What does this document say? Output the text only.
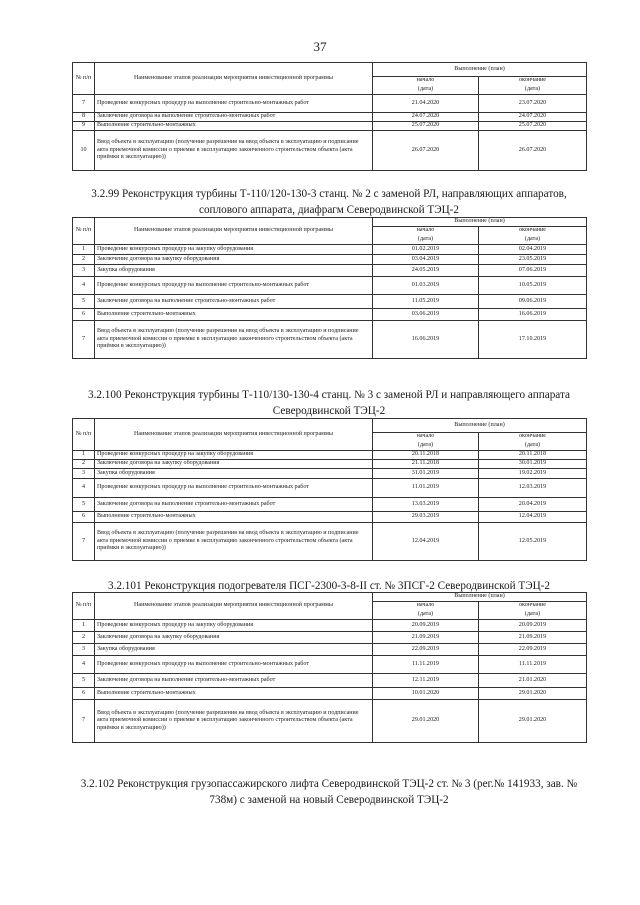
37
№ п/п	Наименование этапов реализации мероприятия инвестиционной программы	Выполнение (план)	
		начало	окончание
		(дата)	(дата)
7	Проведение конкурсных процедур на выполнение строительно-монтажных работ	21.04.2020	23.07.2020
8	Заключение договора на выполнение строительно-монтажных работ	24.07.2020	24.07.2020
9	Выполнение строительно-монтажных	25.07.2020	25.07.2020
10	Ввод объекта в эксплуатацию (получение разрешения на ввод объекта в эксплуатацию и подписание акта приемочной комиссии о приемке в эксплуатацию законченного строительством объекта (акта приёмки в эксплуатацию))	26.07.2020	26.07.2020
3.2.99 Реконструкция турбины Т-110/120-130-3 станц. № 2 с заменой РЛ, направляющих аппаратов, соплового аппарата, диафрагм Северодвинской ТЭЦ-2
№ п/п	Наименование этапов реализации мероприятия инвестиционной программы	Выполнение (план)	
		начало	окончание
		(дата)	(дата)
1	Проведение конкурсных процедур на закупку оборудования	01.02.2019	02.04.2019
2	Заключение договора на закупку оборудования	03.04.2019	23.05.2019
3	Закупка оборудования	24.05.2019	07.06.2019
4	Проведение конкурсных процедур на выполнение строительно-монтажных работ	01.03.2019	10.05.2019
5	Заключение договора на выполнение строительно-монтажных работ	11.05.2019	09.06.2019
6	Выполнение строительно-монтажных	03.06.2019	16.06.2019
7	Ввод объекта в эксплуатацию (получение разрешения на ввод объекта в эксплуатацию и подписание акта приемочной комиссии о приемке в эксплуатацию законченного строительством объекта (акта приёмки в эксплуатацию))	16.06.2019	17.10.2019
3.2.100 Реконструкция турбины Т-110/130-130-4 станц. № 3 с заменой РЛ и направляющего аппарата Северодвинской ТЭЦ-2
№ п/п	Наименование этапов реализации мероприятия инвестиционной программы	Выполнение (план)	
		начало	окончание
		(дата)	(дата)
1	Проведение конкурсных процедур на закупку оборудования	20.11.2018	20.11.2018
2	Заключение договора на закупку оборудования	21.11.2018	30.01.2019
3	Закупка оборудования	31.01.2019	19.02.2019
4	Проведение конкурсных процедур на выполнение строительно-монтажных работ	11.01.2019	12.03.2019
5	Заключение договора на выполнение строительно-монтажных работ	13.03.2019	20.04.2019
6	Выполнение строительно-монтажных	29.03.2019	12.04.2019
7	Ввод объекта в эксплуатацию (получение разрешения на ввод объекта в эксплуатацию и подписание акта приемочной комиссии о приемке в эксплуатацию законченного строительством объекта (акта приёмки в эксплуатацию))	12.04.2019	12.05.2019
3.2.101 Реконструкция подогревателя ПСГ-2300-3-8-II ст. № 3ПСГ-2 Северодвинской ТЭЦ-2
№ п/п	Наименование этапов реализации мероприятия инвестиционной программы	Выполнение (план)	
		начало	окончание
		(дата)	(дата)
1	Проведение конкурсных процедур на закупку оборудования	20.09.2019	20.09.2019
2	Заключение договора на закупку оборудования	21.09.2019	21.09.2019
3	Закупка оборудования	22.09.2019	22.09.2019
4	Проведение конкурсных процедур на выполнение строительно-монтажных работ	11.11.2019	11.11.2019
5	Заключение договора на выполнение строительно-монтажных работ	12.11.2019	21.01.2020
6	Выполнение строительно-монтажных	10.01.2020	29.01.2020
7	Ввод объекта в эксплуатацию (получение разрешения на ввод объекта в эксплуатацию и подписание акта приемочной комиссии о приемке в эксплуатацию законченного строительством объекта (акта приёмки в эксплуатацию))	29.01.2020	29.01.2020
3.2.102 Реконструкция грузопассажирского лифта Северодвинской ТЭЦ-2 ст. № 3 (рег.№ 141933, зав. № 738м) с заменой на новый Северодвинской ТЭЦ-2
